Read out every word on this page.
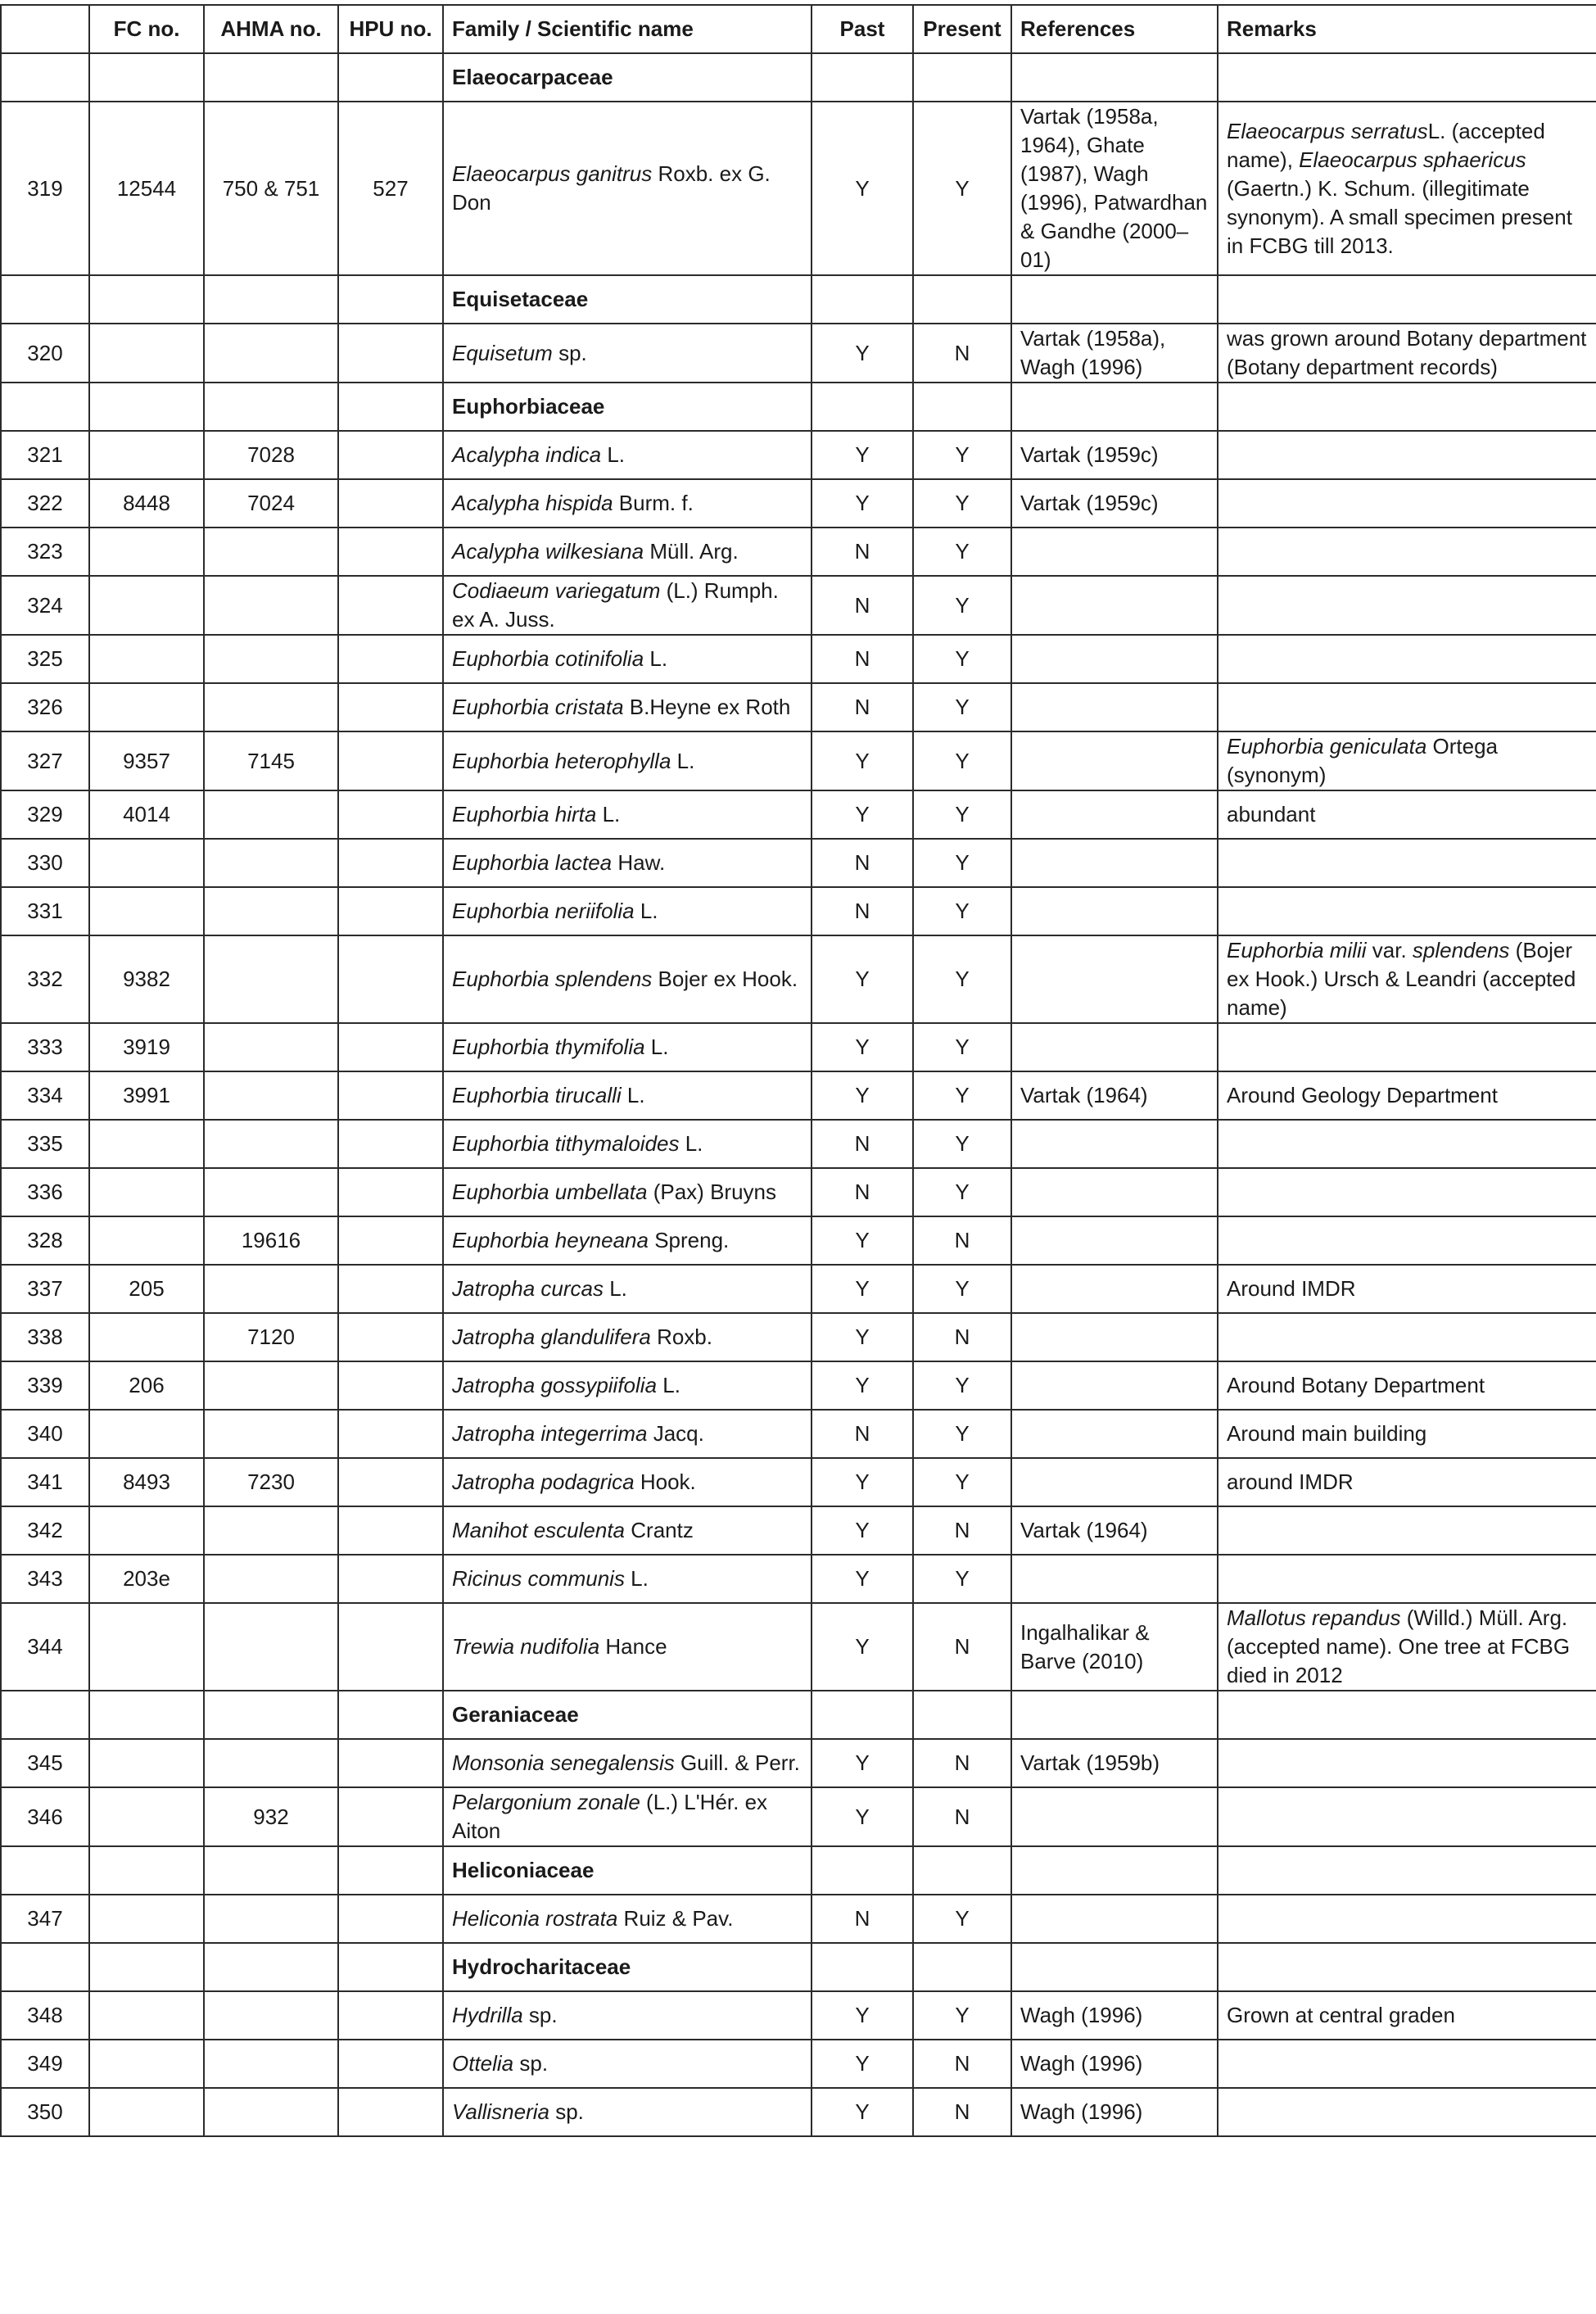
	FC no.	AHMA no.	HPU no.	Family / Scientific name	Past	Present	References	Remarks
				Elaeocarpaceae				
319	12544	750 & 751	527	Elaeocarpus ganitrus Roxb. ex G. Don	Y	Y	Vartak (1958a, 1964), Ghate (1987), Wagh (1996), Patwardhan & Gandhe (2000–01)	Elaeocarpus serratusL. (accepted name), Elaeocarpus sphaericus (Gaertn.) K. Schum. (illegitimate synonym). A small specimen present in FCBG till 2013.
				Equisetaceae				
320				Equisetum sp.	Y	N	Vartak (1958a), Wagh (1996)	was grown around Botany department (Botany department records)
				Euphorbiaceae				
321		7028		Acalypha indica L.	Y	Y	Vartak (1959c)	
322	8448	7024		Acalypha hispida Burm. f.	Y	Y	Vartak (1959c)	
323				Acalypha wilkesiana Müll. Arg.	N	Y		
324				Codiaeum variegatum (L.) Rumph. ex A. Juss.	N	Y		
325				Euphorbia cotinifolia L.	N	Y		
326				Euphorbia cristata B.Heyne ex Roth	N	Y		
327	9357	7145		Euphorbia heterophylla L.	Y	Y		Euphorbia geniculata Ortega (synonym)
329	4014			Euphorbia hirta L.	Y	Y		abundant
330				Euphorbia lactea Haw.	N	Y		
331				Euphorbia neriifolia L.	N	Y		
332	9382			Euphorbia splendens Bojer ex Hook.	Y	Y		Euphorbia milii var. splendens (Bojer ex Hook.) Ursch & Leandri (accepted name)
333	3919			Euphorbia thymifolia L.	Y	Y		
334	3991			Euphorbia tirucalli L.	Y	Y	Vartak (1964)	Around Geology Department
335				Euphorbia tithymaloides L.	N	Y		
336				Euphorbia umbellata (Pax) Bruyns	N	Y		
328		19616		Euphorbia heyneana Spreng.	Y	N		
337	205			Jatropha curcas L.	Y	Y		Around IMDR
338		7120		Jatropha glandulifera Roxb.	Y	N		
339	206			Jatropha gossypiifolia L.	Y	Y		Around Botany Department
340				Jatropha integerrima Jacq.	N	Y		Around main building
341	8493	7230		Jatropha podagrica Hook.	Y	Y		around IMDR
342				Manihot esculenta Crantz	Y	N	Vartak (1964)	
343	203e			Ricinus communis L.	Y	Y		
344				Trewia nudifolia Hance	Y	N	Ingalhalikar & Barve (2010)	Mallotus repandus (Willd.) Müll. Arg. (accepted name). One tree at FCBG died in 2012
				Geraniaceae				
345				Monsonia senegalensis Guill. & Perr.	Y	N	Vartak (1959b)	
346		932		Pelargonium zonale (L.) L'Hér. ex Aiton	Y	N		
				Heliconiaceae				
347				Heliconia rostrata Ruiz & Pav.	N	Y		
				Hydrocharitaceae				
348				Hydrilla sp.	Y	Y	Wagh (1996)	Grown at central graden
349				Ottelia sp.	Y	N	Wagh (1996)	
350				Vallisneria sp.	Y	N	Wagh (1996)	
